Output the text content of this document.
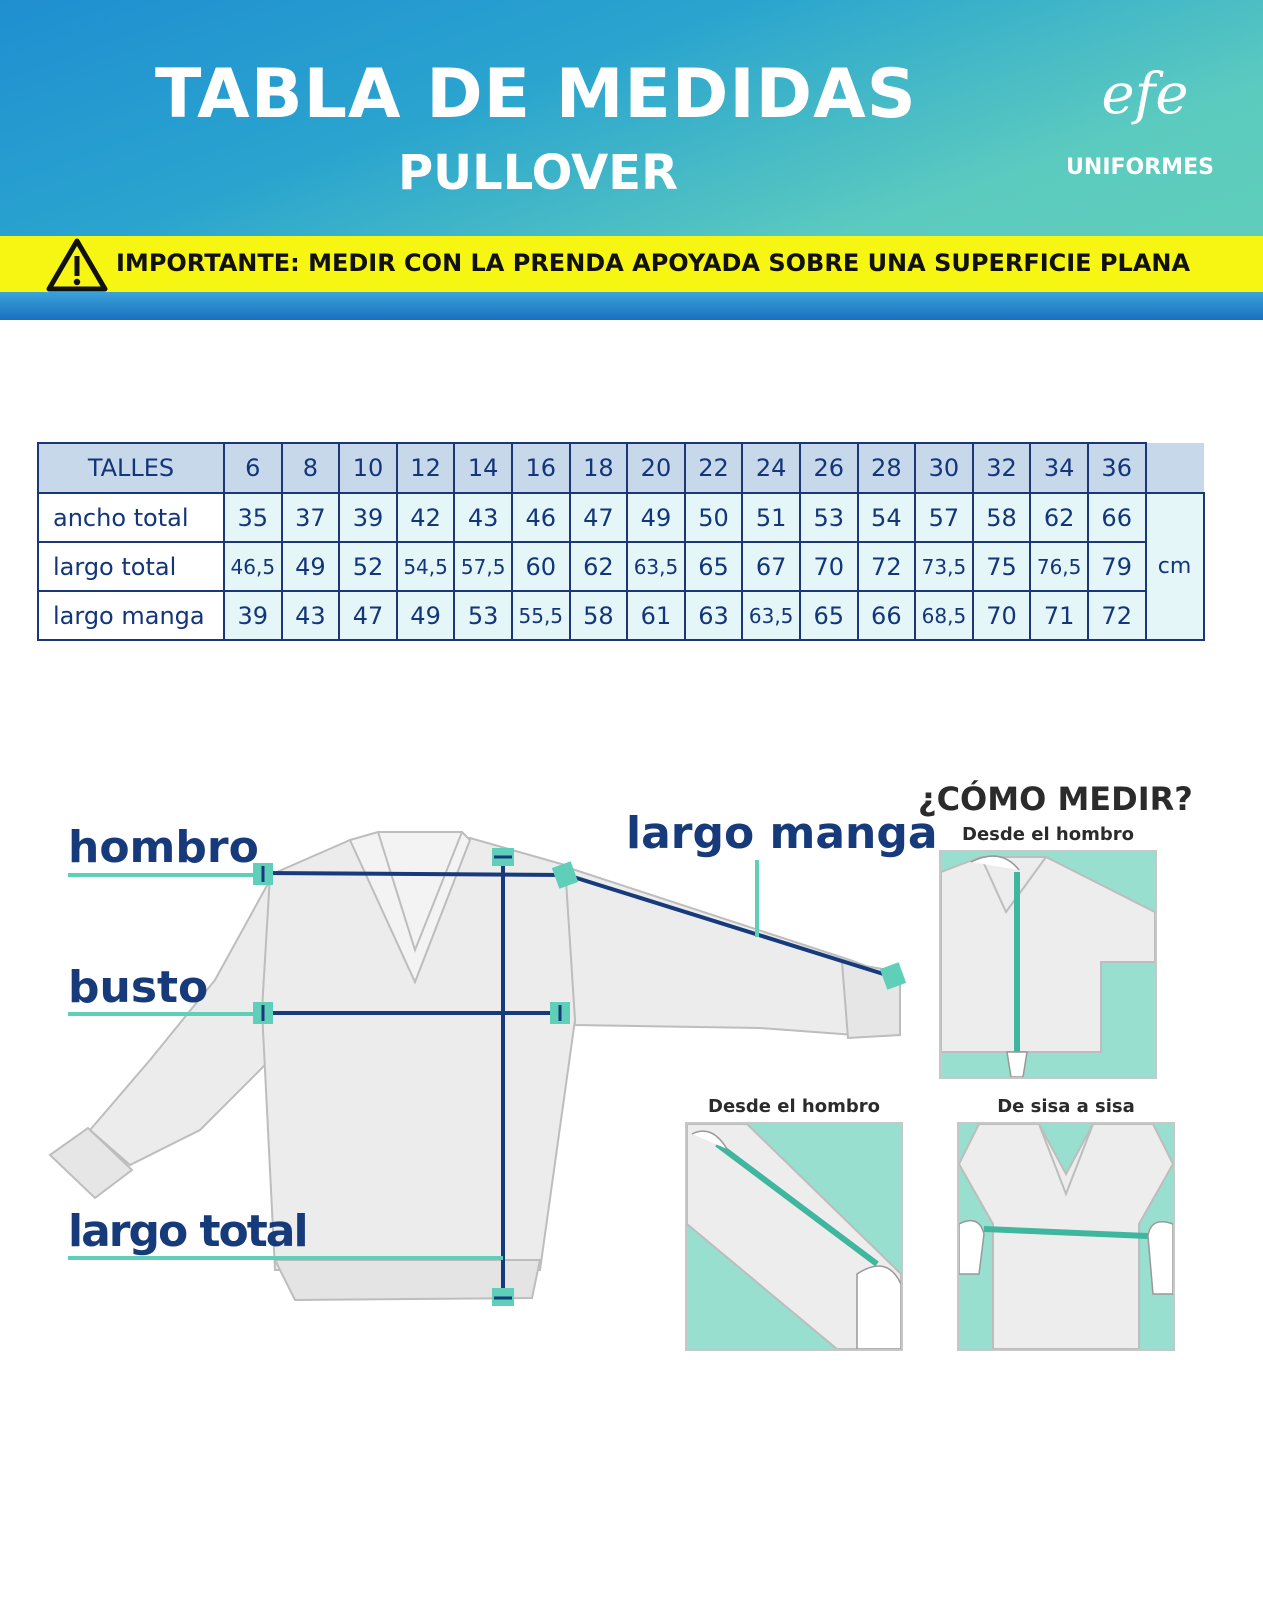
TABLA DE MEDIDAS
PULLOVER
efe
UNIFORMES
IMPORTANTE: MEDIR CON LA PRENDA APOYADA SOBRE UNA SUPERFICIE PLANA
TALLES	6	8	10	12	14	16	18	20	22	24	26	28	30	32	34	36	
ancho total	35	37	39	42	43	46	47	49	50	51	53	54	57	58	62	66	cm
largo total	46,5	49	52	54,5	57,5	60	62	63,5	65	67	70	72	73,5	75	76,5	79	
largo manga	39	43	47	49	53	55,5	58	61	63	63,5	65	66	68,5	70	71	72	
hombro
busto
largo total
largo manga
¿CÓMO MEDIR?
Desde el hombro
Desde el hombro	De sisa a sisa
